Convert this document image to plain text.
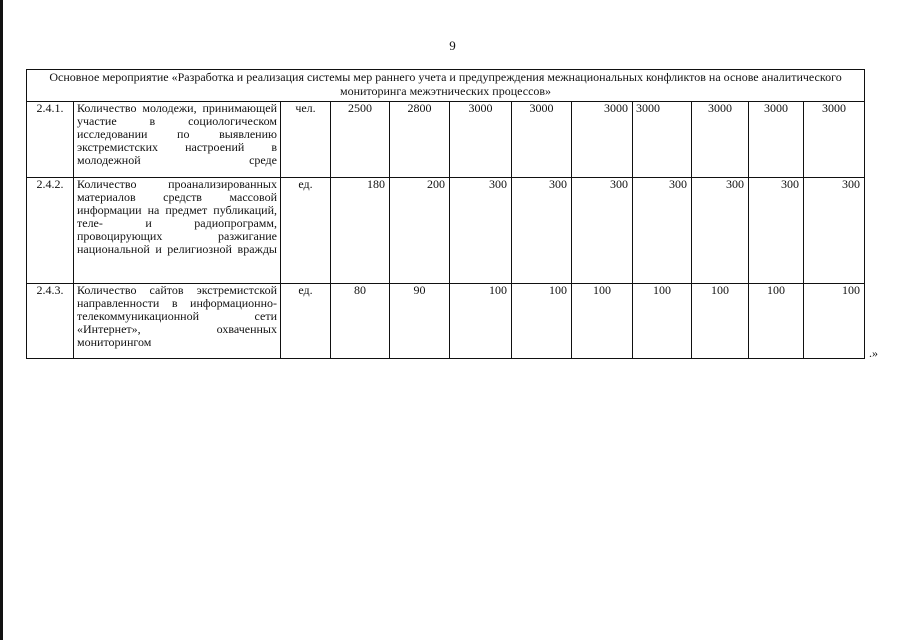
9
Основное мероприятие «Разработка и реализация системы мер раннего учета и предупреждения межнациональных конфликтов на основе аналитического мониторинга межэтнических процессов»											
2.4.1.	Количество молодежи, принимающей участие в социологическом исследовании по выявлению экстремистских настроений в молодежной среде	чел.	2500	2800	3000	3000	3000	3000	3000	3000	3000
2.4.2.	Количество проанализированных материалов средств массовой информации на предмет публикаций, теле- и радиопрограмм, провоцирующих разжигание национальной и религиозной вражды	ед.	180	200	300	300	300	300	300	300	300
2.4.3.	Количество сайтов экстремистской направленности в информационно-телекоммуникационной сети «Интернет», охваченных мониторингом	ед.	80	90	100	100	100	100	100	100	100
.»
